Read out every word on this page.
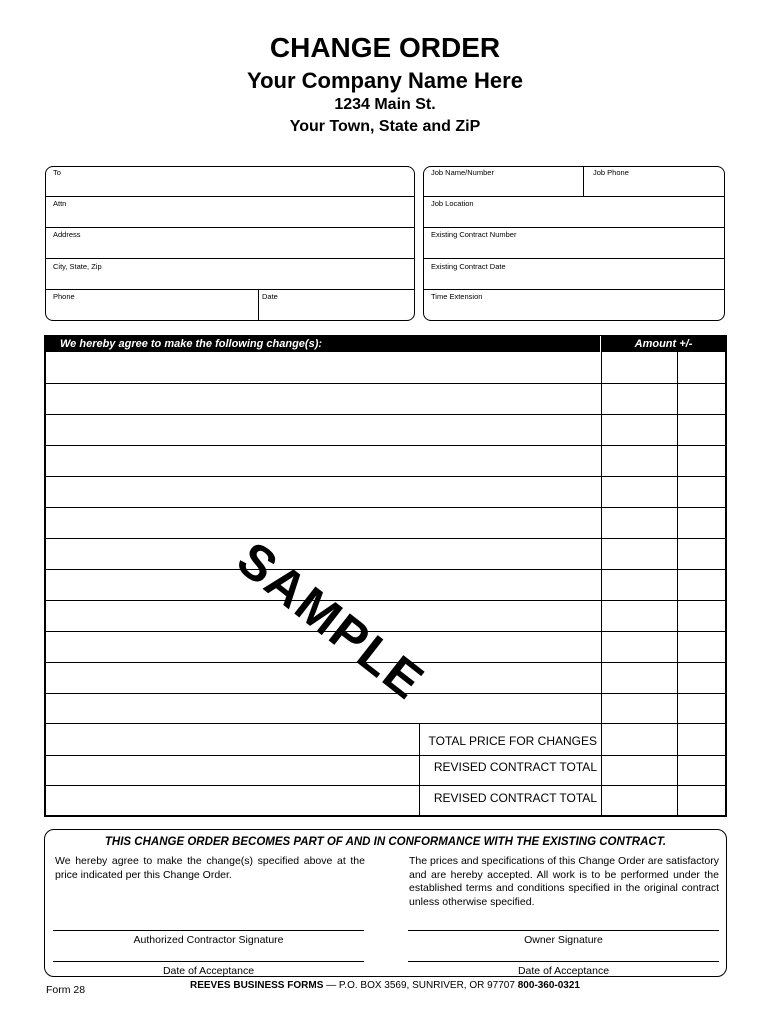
CHANGE ORDER
Your Company Name Here
1234 Main St.
Your Town, State and ZiP
To
Attn
Address
City, State, Zip
Phone	Date
Job Name/Number	Job Phone
Job Location
Existing Contract Number
Existing Contract Date
Time Extension
We hereby agree to make the following change(s):	Amount +/-
TOTAL PRICE FOR CHANGES
REVISED CONTRACT TOTAL
REVISED CONTRACT TOTAL
SAMPLE
THIS CHANGE ORDER BECOMES PART OF AND IN CONFORMANCE WITH THE EXISTING CONTRACT.
We hereby agree to make the change(s) specified above at the price indicated per this Change Order.
The prices and specifications of this Change Order are satisfactory and are hereby accepted. All work is to be performed under the established terms and conditions specified in the original contract unless otherwise specified.
Authorized Contractor Signature	Owner Signature
Date of Acceptance	Date of Acceptance
Form 28	REEVES BUSINESS FORMS — P.O. BOX 3569, SUNRIVER, OR 97707 800-360-0321
